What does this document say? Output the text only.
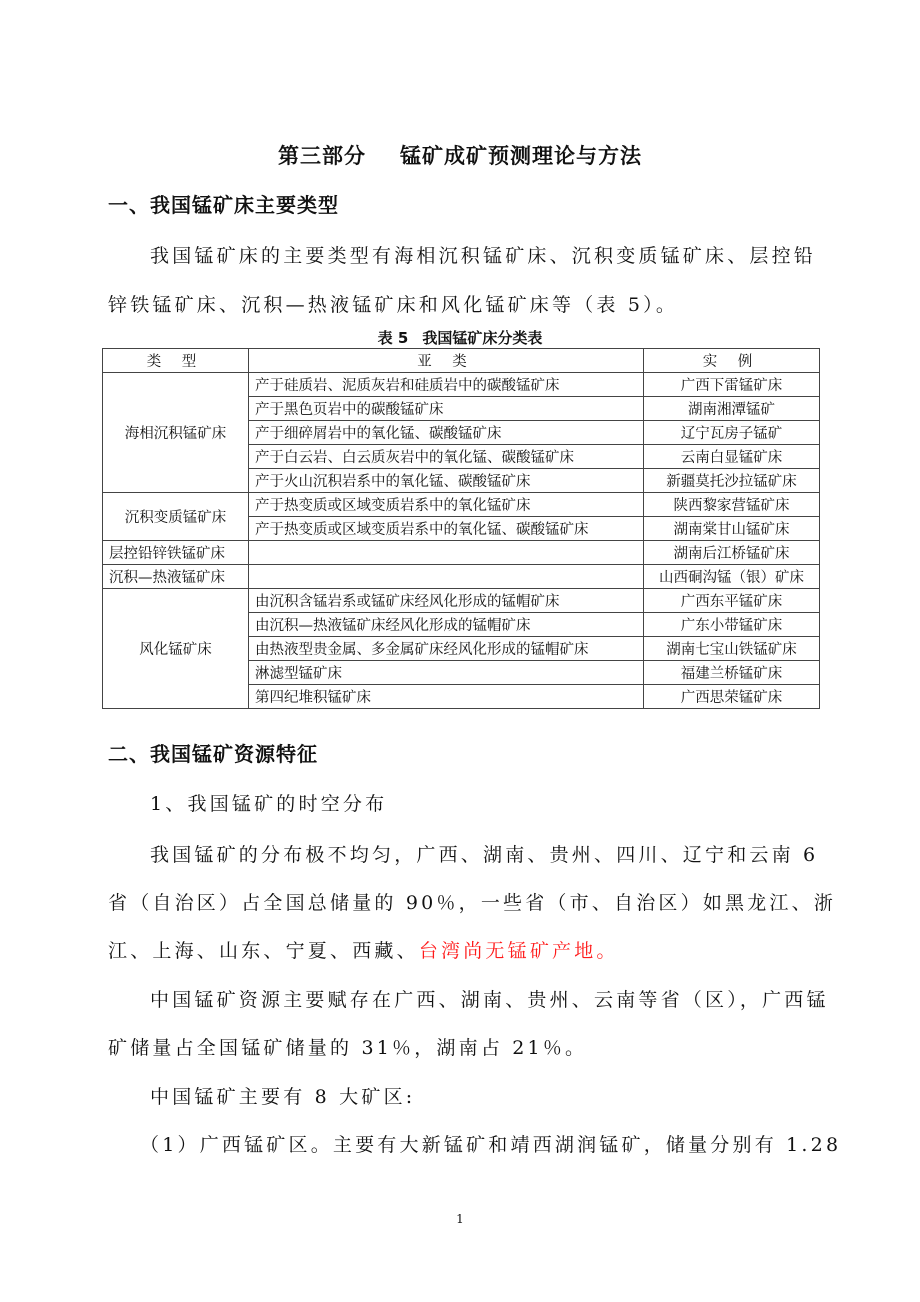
第三部分 锰矿成矿预测理论与方法
一、我国锰矿床主要类型
我国锰矿床的主要类型有海相沉积锰矿床、沉积变质锰矿床、层控铅
锌铁锰矿床、沉积—热液锰矿床和风化锰矿床等（表 5）。
表 5 我国锰矿床分类表
类 型	亚 类	实 例
海相沉积锰矿床	产于硅质岩、泥质灰岩和硅质岩中的碳酸锰矿床	广西下雷锰矿床
	产于黑色页岩中的碳酸锰矿床	湖南湘潭锰矿
	产于细碎屑岩中的氧化锰、碳酸锰矿床	辽宁瓦房子锰矿
	产于白云岩、白云质灰岩中的氧化锰、碳酸锰矿床	云南白显锰矿床
	产于火山沉积岩系中的氧化锰、碳酸锰矿床	新疆莫托沙拉锰矿床
沉积变质锰矿床	产于热变质或区域变质岩系中的氧化锰矿床	陕西黎家营锰矿床
	产于热变质或区域变质岩系中的氧化锰、碳酸锰矿床	湖南棠甘山锰矿床
层控铅锌铁锰矿床		湖南后江桥锰矿床
沉积—热液锰矿床		山西硐沟锰（银）矿床
风化锰矿床	由沉积含锰岩系或锰矿床经风化形成的锰帽矿床	广西东平锰矿床
	由沉积—热液锰矿床经风化形成的锰帽矿床	广东小带锰矿床
	由热液型贵金属、多金属矿床经风化形成的锰帽矿床	湖南七宝山铁锰矿床
	淋滤型锰矿床	福建兰桥锰矿床
	第四纪堆积锰矿床	广西思荣锰矿床
二、我国锰矿资源特征
1、我国锰矿的时空分布
我国锰矿的分布极不均匀，广西、湖南、贵州、四川、辽宁和云南 6
省（自治区）占全国总储量的 90％，一些省（市、自治区）如黑龙江、浙
江、上海、山东、宁夏、西藏、台湾尚无锰矿产地。
中国锰矿资源主要赋存在广西、湖南、贵州、云南等省（区），广西锰
矿储量占全国锰矿储量的 31％，湖南占 21％。
中国锰矿主要有 8 大矿区:
（1）广西锰矿区。主要有大新锰矿和靖西湖润锰矿，储量分别有 1.28
1
